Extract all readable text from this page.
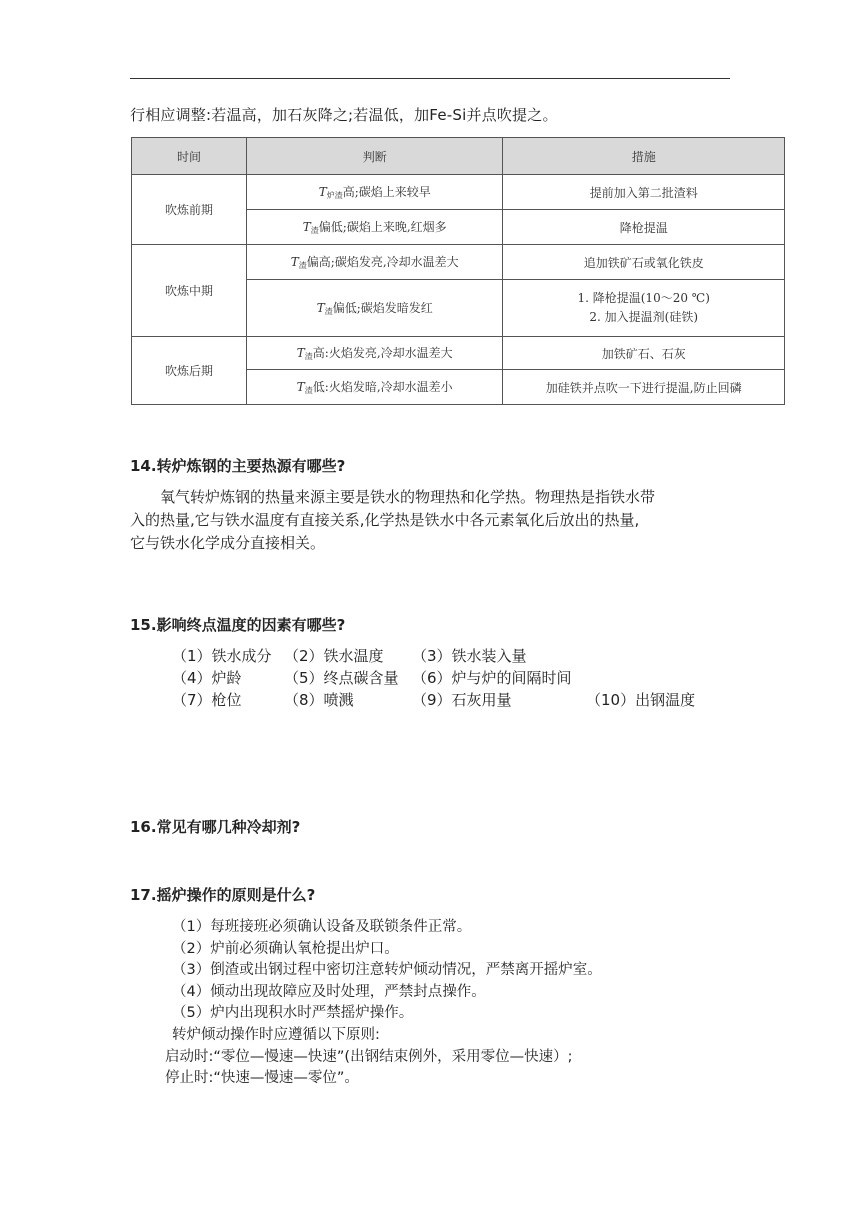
行相应调整:若温高，加石灰降之;若温低，加Fe-Si并点吹提之。
时间	判断	措施
吹炼前期	$T_{炉渣}$高;碳焰上来较早	提前加入第二批渣料
	$T_渣$偏低;碳焰上来晚,红烟多	降枪提温
吹炼中期	$T_渣$偏高;碳焰发亮,冷却水温差大	追加铁矿石或氧化铁皮
	$T_渣$偏低;碳焰发暗发红	1. 降枪提温(10～20 ℃)
2. 加入提温剂(硅铁)

吹炼后期	$T_渣$高:火焰发亮,冷却水温差大	加铁矿石、石灰
	$T_渣$低:火焰发暗,冷却水温差小	加硅铁并点吹一下进行提温,防止回磷
14.转炉炼钢的主要热源有哪些?

氧气转炉炼钢的热量来源主要是铁水的物理热和化学热。物理热是指铁水带

入的热量,它与铁水温度有直接关系,化学热是铁水中各元素氧化后放出的热量,

它与铁水化学成分直接相关。

15.影响终点温度的因素有哪些?
（1）铁水成分 （2）铁水温度 （3）铁水装入量
（4）炉龄	（5）终点碳含量 （6）炉与炉的间隔时间
（7）枪位	（8）喷溅	（9）石灰用量	（10）出钢温度
16.常见有哪几种冷却剂?
17.摇炉操作的原则是什么?
（1）每班接班必须确认设备及联锁条件正常。
（2）炉前必须确认氧枪提出炉口。
（3）倒渣或出钢过程中密切注意转炉倾动情况，严禁离开摇炉室。
（4）倾动出现故障应及时处理，严禁封点操作。
（5）炉内出现积水时严禁摇炉操作。
转炉倾动操作时应遵循以下原则:
启动时:“零位—慢速—快速”(出钢结束例外，采用零位—快速）;
停止时:“快速—慢速—零位”。
